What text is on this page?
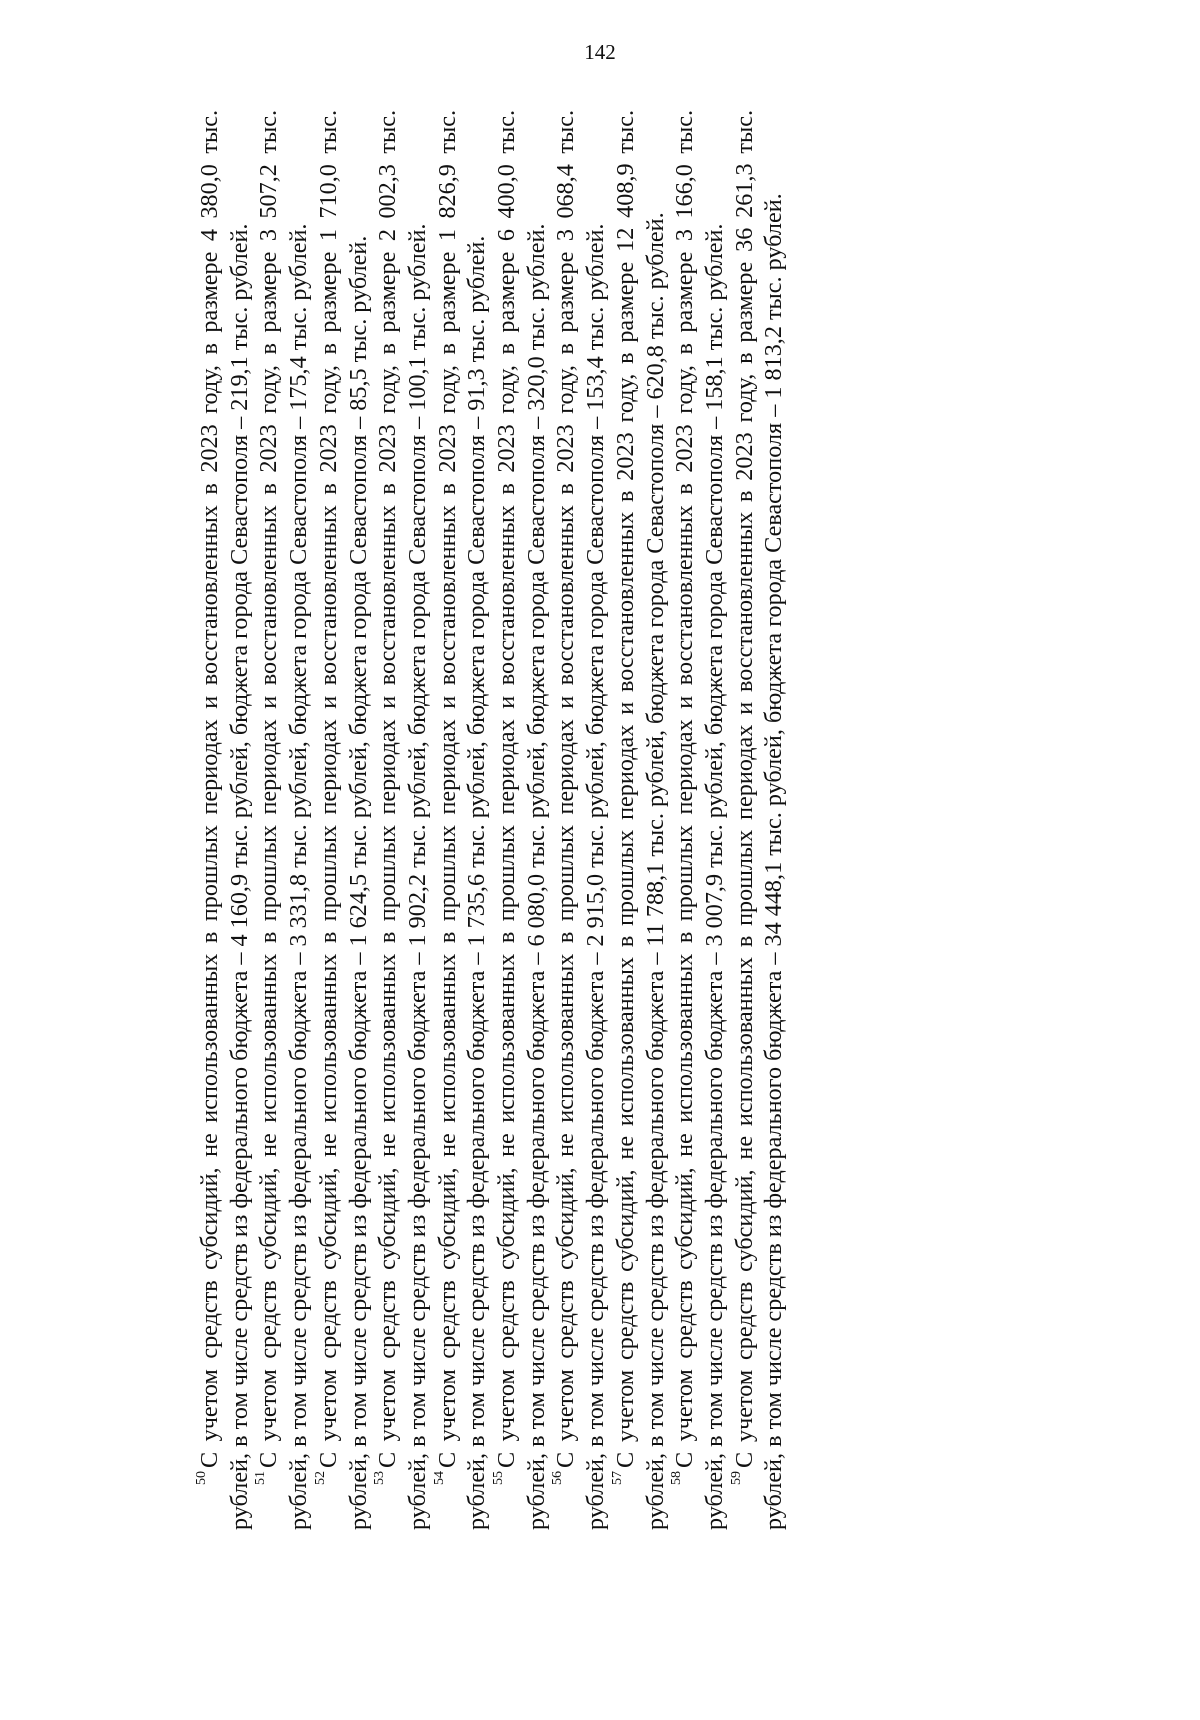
142

$^{50}$С учетом средств субсидий, не использованных в прошлых периодах и восстановленных в 2023 году, в размере 4 380,0 тыс. рублей, в том числе средств из федерального бюджета – 4 160,9 тыс. рублей, бюджета города Севастополя – 219,1 тыс. рублей.

$^{51}$С учетом средств субсидий, не использованных в прошлых периодах и восстановленных в 2023 году, в размере 3 507,2 тыс. рублей, в том числе средств из федерального бюджета – 3 331,8 тыс. рублей, бюджета города Севастополя – 175,4 тыс. рублей.

$^{52}$С учетом средств субсидий, не использованных в прошлых периодах и восстановленных в 2023 году, в размере 1 710,0 тыс. рублей, в том числе средств из федерального бюджета – 1 624,5 тыс. рублей, бюджета города Севастополя – 85,5 тыс. рублей.

$^{53}$С учетом средств субсидий, не использованных в прошлых периодах и восстановленных в 2023 году, в размере 2 002,3 тыс. рублей, в том числе средств из федерального бюджета – 1 902,2 тыс. рублей, бюджета города Севастополя – 100,1 тыс. рублей.

$^{54}$С учетом средств субсидий, не использованных в прошлых периодах и восстановленных в 2023 году, в размере 1 826,9 тыс. рублей, в том числе средств из федерального бюджета – 1 735,6 тыс. рублей, бюджета города Севастополя – 91,3 тыс. рублей.

$^{55}$С учетом средств субсидий, не использованных в прошлых периодах и восстановленных в 2023 году, в размере 6 400,0 тыс. рублей, в том числе средств из федерального бюджета – 6 080,0 тыс. рублей, бюджета города Севастополя – 320,0 тыс. рублей.

$^{56}$С учетом средств субсидий, не использованных в прошлых периодах и восстановленных в 2023 году, в размере 3 068,4 тыс. рублей, в том числе средств из федерального бюджета – 2 915,0 тыс. рублей, бюджета города Севастополя – 153,4 тыс. рублей.

$^{57}$С учетом средств субсидий, не использованных в прошлых периодах и восстановленных в 2023 году, в размере 12 408,9 тыс. рублей, в том числе средств из федерального бюджета – 11 788,1 тыс. рублей, бюджета города Севастополя – 620,8 тыс. рублей.

$^{58}$С учетом средств субсидий, не использованных в прошлых периодах и восстановленных в 2023 году, в размере 3 166,0 тыс. рублей, в том числе средств из федерального бюджета – 3 007,9 тыс. рублей, бюджета города Севастополя – 158,1 тыс. рублей.

$^{59}$С учетом средств субсидий, не использованных в прошлых периодах и восстановленных в 2023 году, в размере 36 261,3 тыс. рублей, в том числе средств из федерального бюджета – 34 448,1 тыс. рублей, бюджета города Севастополя – 1 813,2 тыс. рублей.
